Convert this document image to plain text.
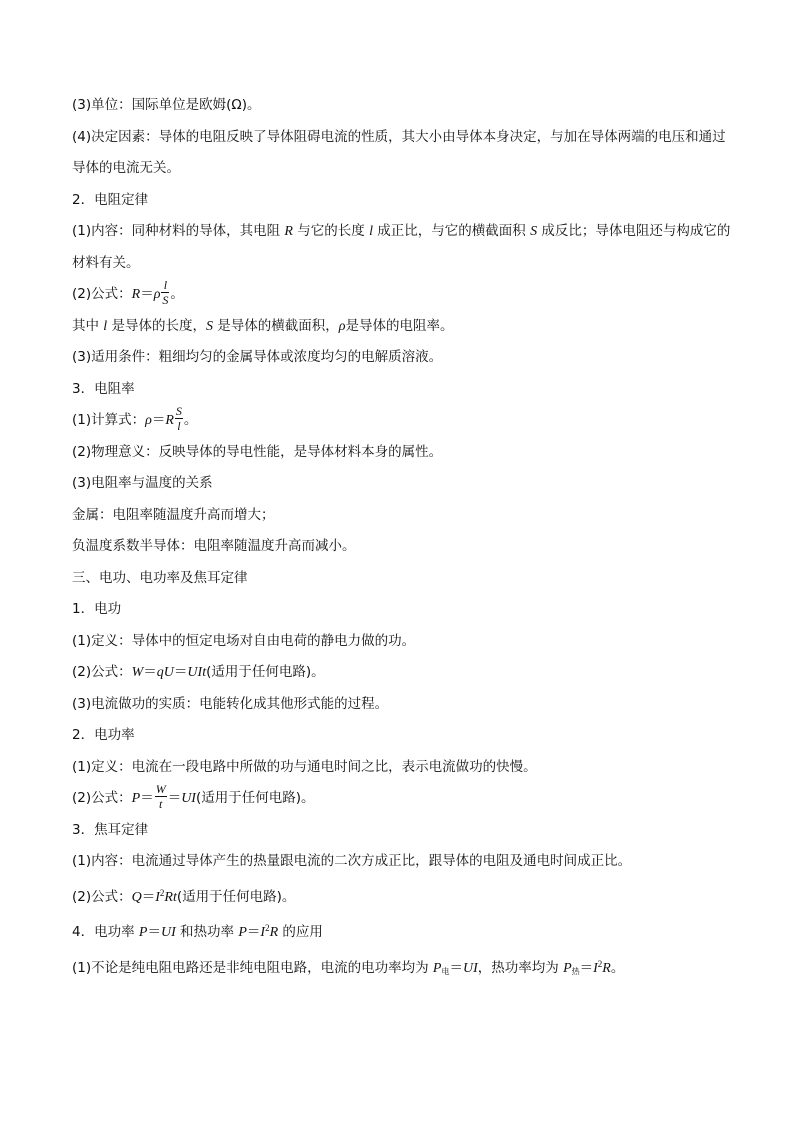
(3)单位：国际单位是欧姆(Ω)。
(4)决定因素：导体的电阻反映了导体阻碍电流的性质，其大小由导体本身决定，与加在导体两端的电压和通过导体的电流无关。
2．电阻定律
(1)内容：同种材料的导体，其电阻 R 与它的长度 l 成正比，与它的横截面积 S 成反比；导体电阻还与构成它的材料有关。
(2)公式：$R=\rho \frac{l}{S}$ 。
其中 l 是导体的长度，S 是导体的横截面积，ρ是导体的电阻率。
(3)适用条件：粗细均匀的金属导体或浓度均匀的电解质溶液。
3．电阻率
(1)计算式：$\rho=R \frac{S}{l}$ 。
(2)物理意义：反映导体的导电性能，是导体材料本身的属性。
(3)电阻率与温度的关系
金属：电阻率随温度升高而增大；
负温度系数半导体：电阻率随温度升高而减小。
三、电功、电功率及焦耳定律
1．电功
(1)定义：导体中的恒定电场对自由电荷的静电力做的功。
(2)公式：W＝qU＝UIt(适用于任何电路)。
(3)电流做功的实质：电能转化成其他形式能的过程。
2．电功率
(1)定义：电流在一段电路中所做的功与通电时间之比，表示电流做功的快慢。
(2)公式：$P= \frac{W}{t} =UI$(适用于任何电路)。
3．焦耳定律
(1)内容：电流通过导体产生的热量跟电流的二次方成正比，跟导体的电阻及通电时间成正比。
(2)公式：$Q=I^2Rt$(适用于任何电路)。
4．电功率 P＝UI 和热功率 $P=I^2R$ 的应用
(1)不论是纯电阻电路还是非纯电阻电路，电流的电功率均为 $P_电=UI$，热功率均为 $P_热=I^2R$。
